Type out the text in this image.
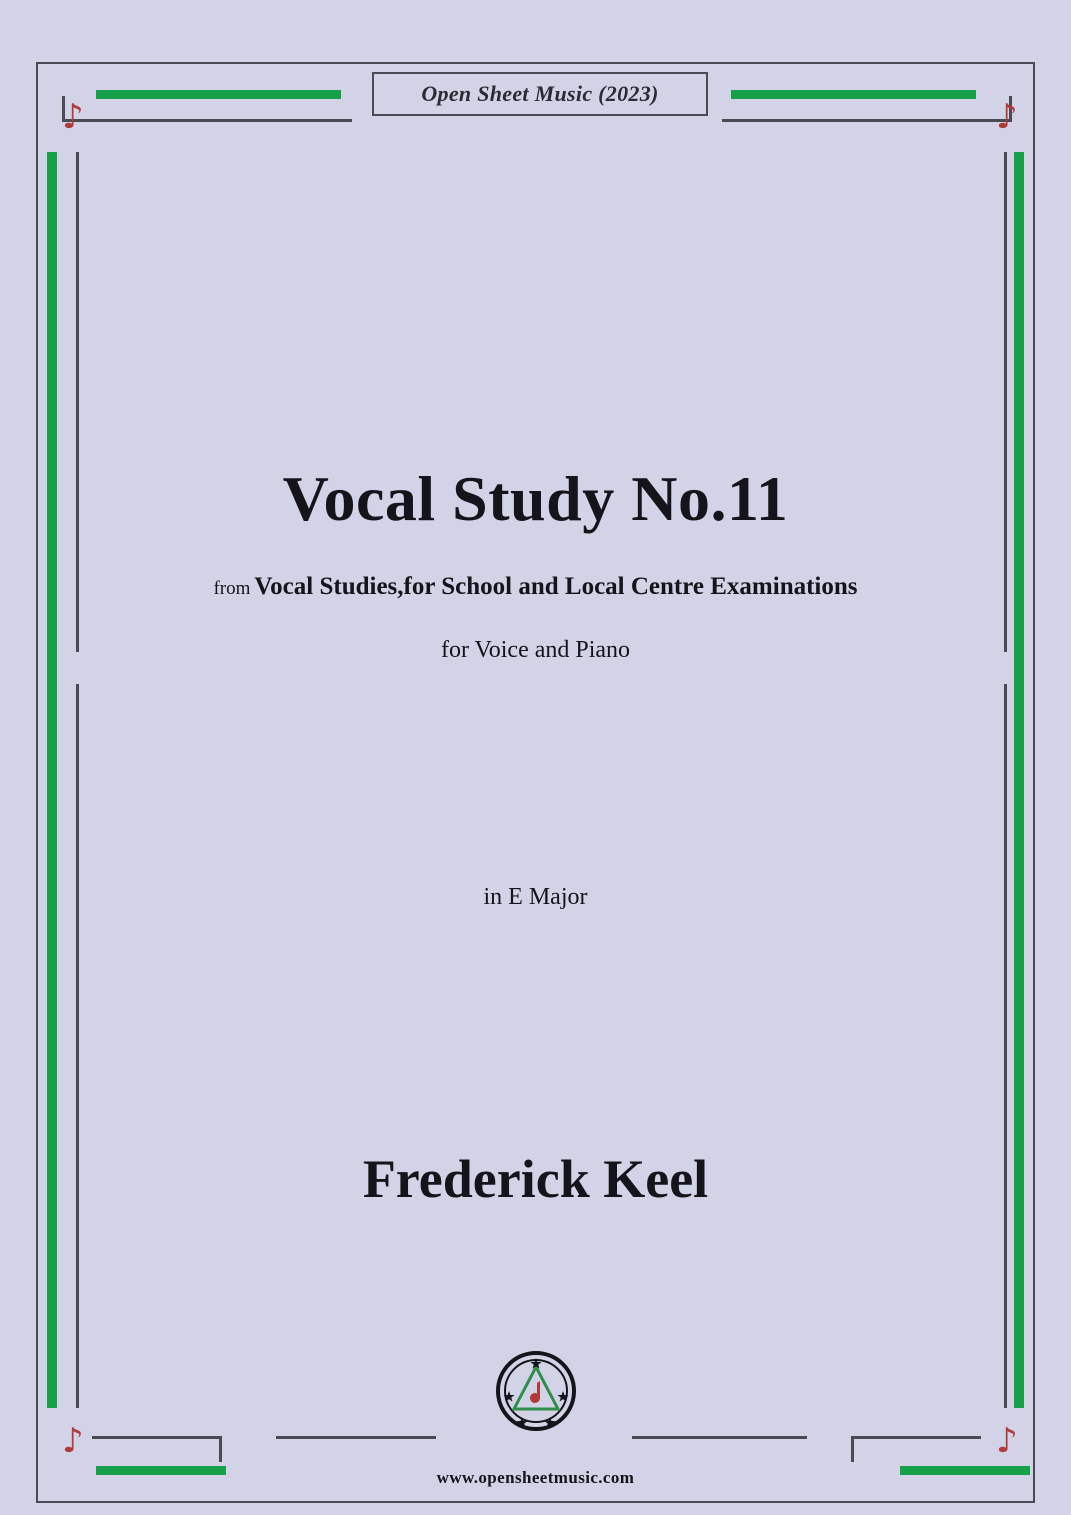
Open Sheet Music (2023)
♪	♪
♪	♪
Vocal Study No.11
from Vocal Studies,for School and Local Centre Examinations
for Voice and Piano
in E Major
Frederick Keel
www.opensheetmusic.com
